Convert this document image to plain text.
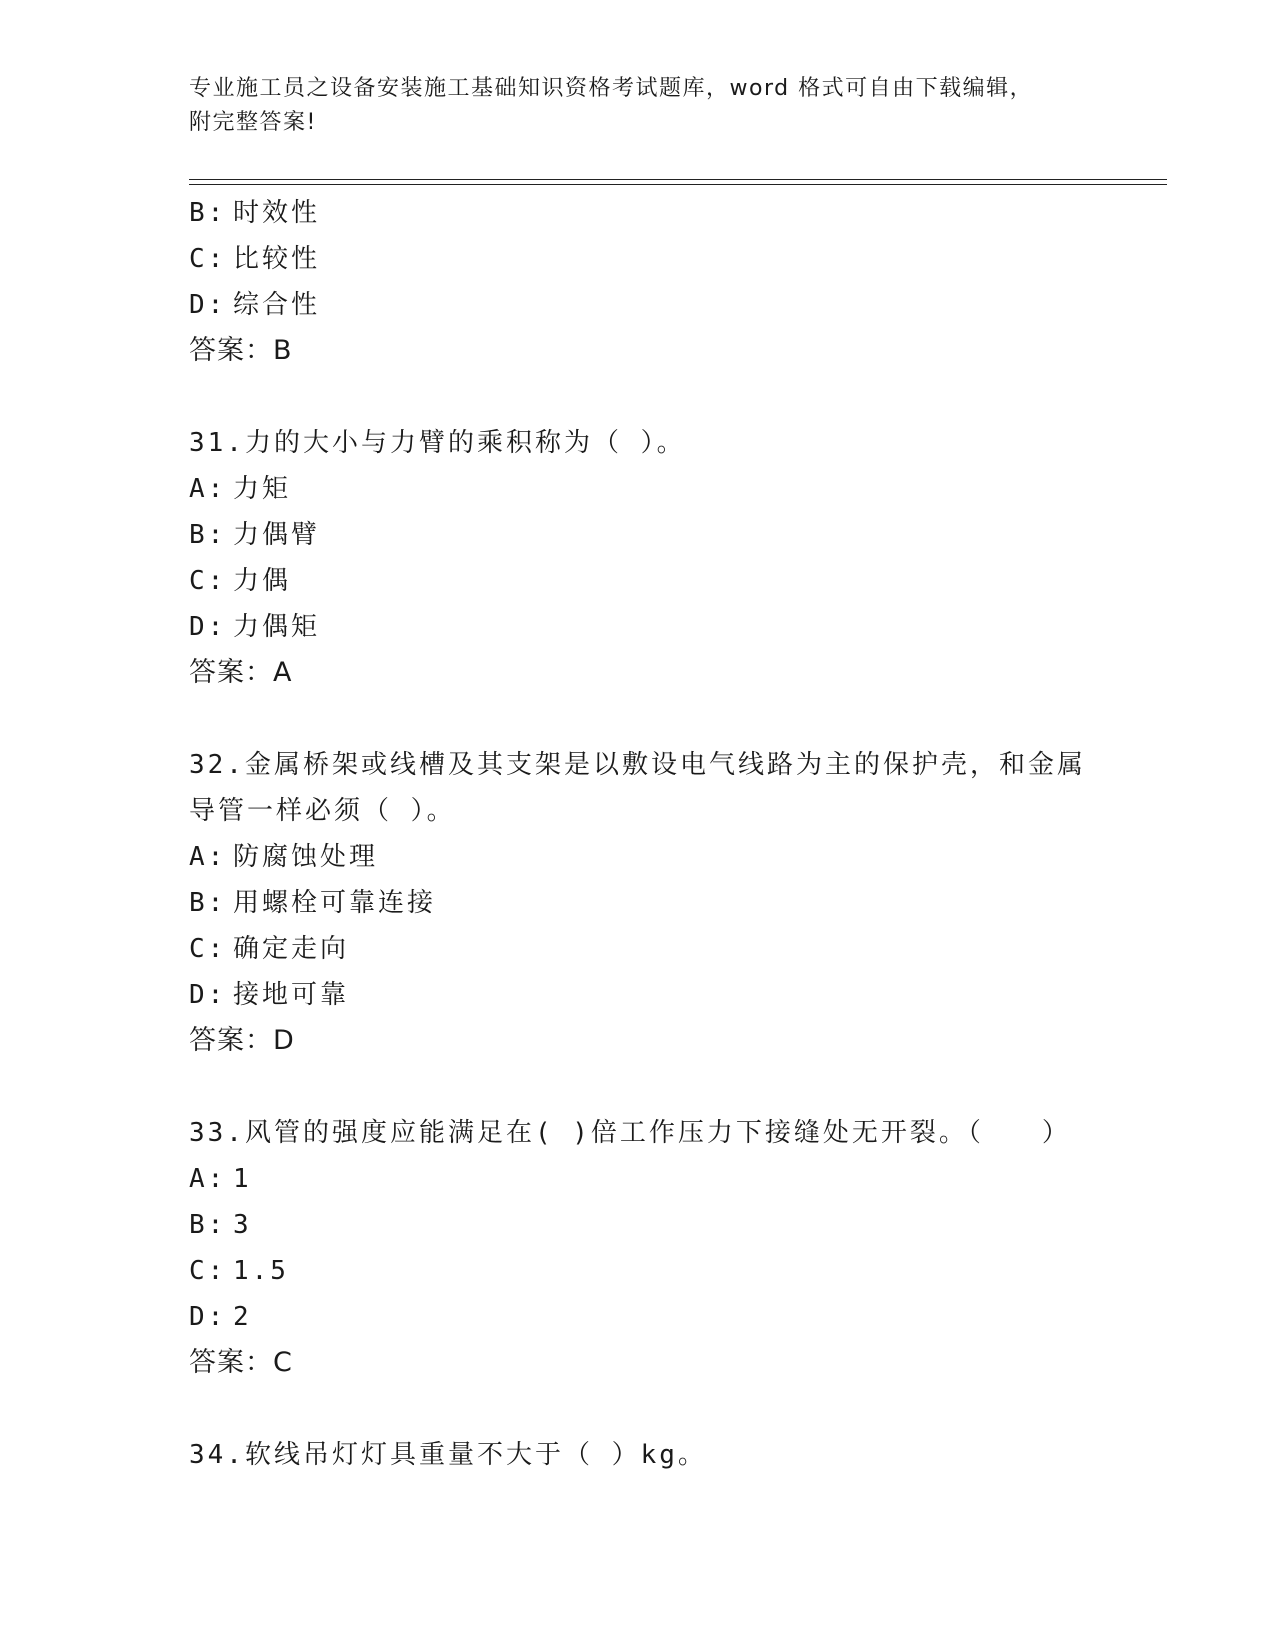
专业施工员之设备安装施工基础知识资格考试题库，word 格式可自由下载编辑，
附完整答案!
B: 时效性
C: 比较性
D: 综合性
答案：B
31.力的大小与力臂的乘积称为（ ）。
A: 力矩
B: 力偶臂
C: 力偶
D: 力偶矩
答案：A
32.金属桥架或线槽及其支架是以敷设电气线路为主的保护壳，和金属
导管一样必须（ ）。
A: 防腐蚀处理
B: 用螺栓可靠连接
C: 确定走向
D: 接地可靠
答案：D
33.风管的强度应能满足在( )倍工作压力下接缝处无开裂。（　　）
A: 1
B: 3
C: 1.5
D: 2
答案：C
34.软线吊灯灯具重量不大于（ ）kg。
